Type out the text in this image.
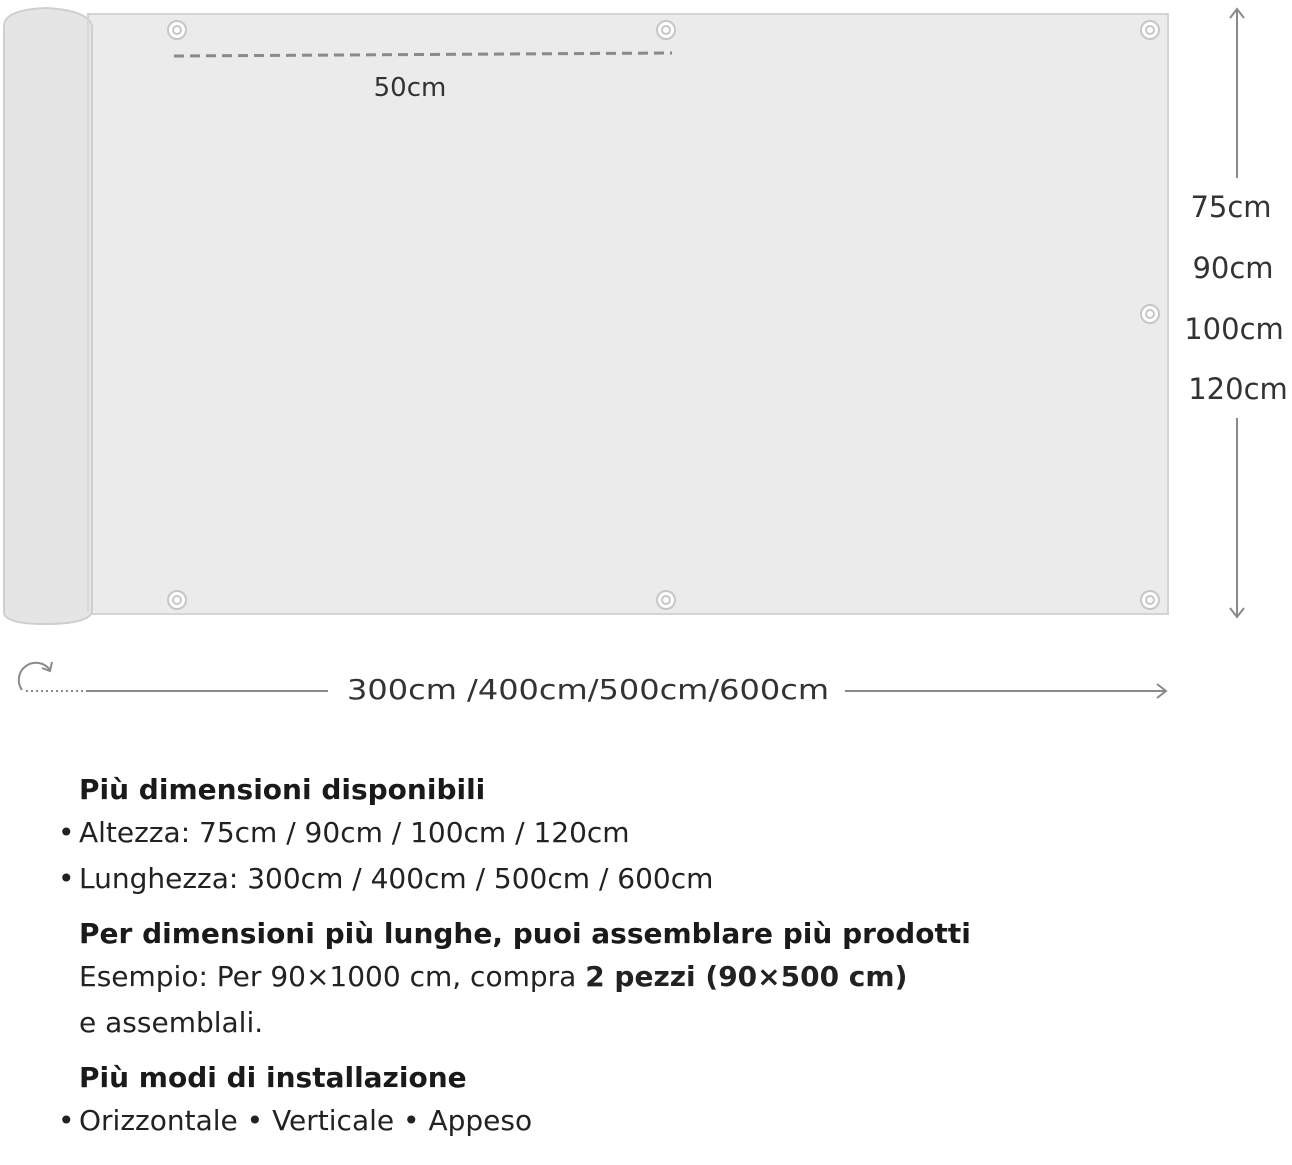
50cm
75cm
90cm
100cm
120cm
300cm /400cm/500cm/600cm
Più dimensioni disponibili
• Altezza: 75cm / 90cm / 100cm / 120cm
• Lunghezza: 300cm / 400cm / 500cm / 600cm
Per dimensioni più lunghe, puoi assemblare più prodotti
Esempio: Per 90×1000 cm, compra 2 pezzi (90×500 cm)
e assemblali.
Più modi di installazione
• Orizzontale • Verticale • Appeso
